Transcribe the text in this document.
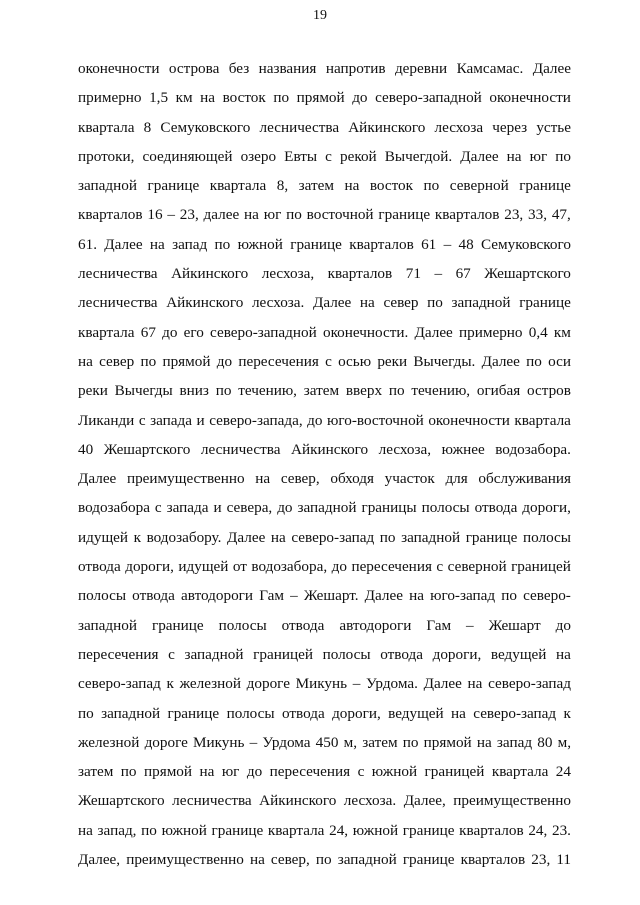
19
оконечности острова без названия напротив деревни Камсамас. Далее
примерно 1,5 км на восток по прямой до северо-западной оконечности
квартала 8 Семуковского лесничества Айкинского лесхоза через устье
протоки, соединяющей озеро Евты с рекой Вычегдой. Далее на юг по
западной границе квартала 8, затем на восток по северной границе
кварталов 16 – 23, далее на юг по восточной границе кварталов 23, 33, 47,
61. Далее на запад по южной границе кварталов 61 – 48 Семуковского
лесничества Айкинского лесхоза, кварталов 71 – 67 Жешартского
лесничества Айкинского лесхоза. Далее на север по западной границе
квартала 67 до его северо-западной оконечности. Далее примерно 0,4 км
на север по прямой до пересечения с осью реки Вычегды. Далее по оси
реки Вычегды вниз по течению, затем вверх по течению, огибая остров
Ликанди с запада и северо-запада, до юго-восточной оконечности квартала
40 Жешартского лесничества Айкинского лесхоза, южнее водозабора.
Далее преимущественно на север, обходя участок для обслуживания
водозабора с запада и севера, до западной границы полосы отвода дороги,
идущей к водозабору. Далее на северо-запад по западной границе полосы
отвода дороги, идущей от водозабора, до пересечения с северной границей
полосы отвода автодороги Гам – Жешарт. Далее на юго-запад по северо-
западной границе полосы отвода автодороги Гам – Жешарт до
пересечения с западной границей полосы отвода дороги, ведущей на
северо-запад к железной дороге Микунь – Урдома. Далее на северо-запад
по западной границе полосы отвода дороги, ведущей на северо-запад к
железной дороге Микунь – Урдома 450 м, затем по прямой на запад 80 м,
затем по прямой на юг до пересечения с южной границей квартала 24
Жешартского лесничества Айкинского лесхоза. Далее, преимущественно
на запад, по южной границе квартала 24, южной границе кварталов 24, 23.
Далее, преимущественно на север, по западной границе кварталов 23, 11
